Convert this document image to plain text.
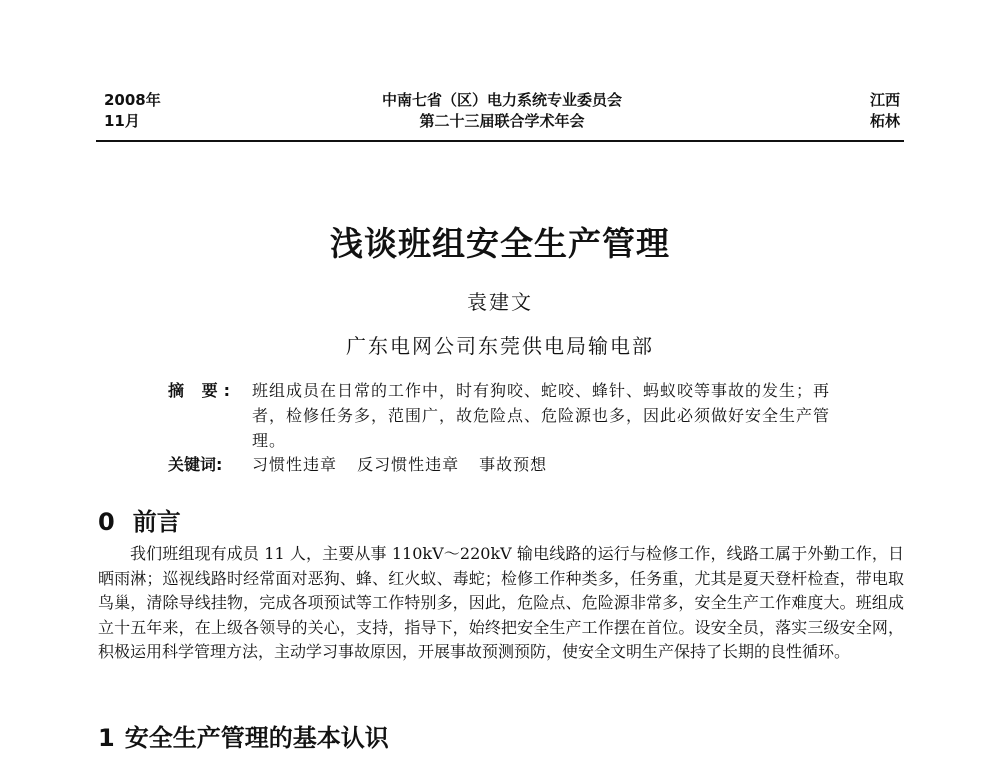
2008年
11月
中南七省（区）电力系统专业委员会
第二十三届联合学术年会
江西
柘林
浅谈班组安全生产管理
袁建文
广东电网公司东莞供电局输电部
摘 要:	班组成员在日常的工作中，时有狗咬、蛇咬、蜂针、蚂蚁咬等事故的发生；再者，检修任务多，范围广，故危险点、危险源也多，因此必须做好安全生产管理。
关键词:	习惯性违章 反习惯性违章 事故预想
0 前言
我们班组现有成员 11 人，主要从事 110kV～220kV 输电线路的运行与检修工作，线路工属于外勤工作，日晒雨淋；巡视线路时经常面对恶狗、蜂、红火蚁、毒蛇；检修工作种类多，任务重，尤其是夏天登杆检查，带电取鸟巢，清除导线挂物，完成各项预试等工作特别多，因此，危险点、危险源非常多，安全生产工作难度大。班组成立十五年来，在上级各领导的关心，支持，指导下，始终把安全生产工作摆在首位。设安全员，落实三级安全网，积极运用科学管理方法，主动学习事故原因，开展事故预测预防，使安全文明生产保持了长期的良性循环。
1 安全生产管理的基本认识
